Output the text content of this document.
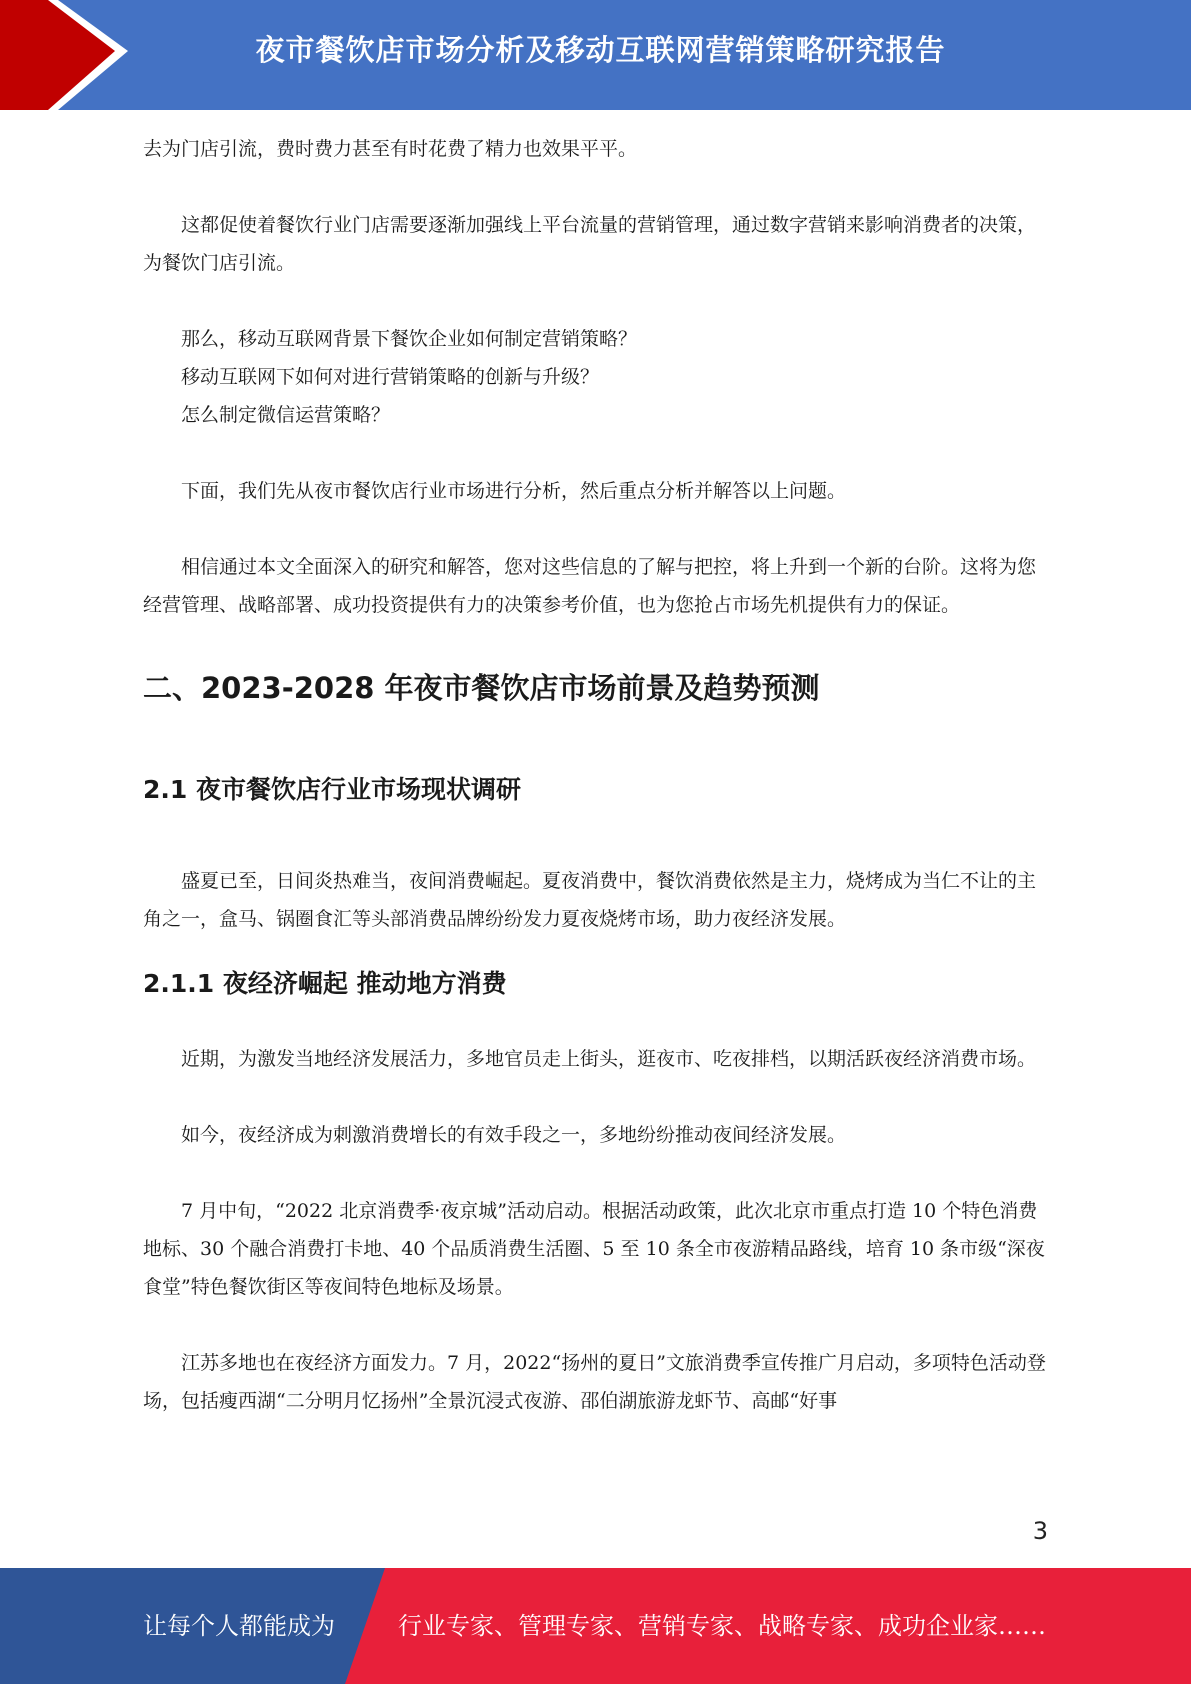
夜市餐饮店市场分析及移动互联网营销策略研究报告

去为门店引流，费时费力甚至有时花费了精力也效果平平。

这都促使着餐饮行业门店需要逐渐加强线上平台流量的营销管理，通过数字营销来影响消费者的决策，为餐饮门店引流。

那么，移动互联网背景下餐饮企业如何制定营销策略？

移动互联网下如何对进行营销策略的创新与升级？

怎么制定微信运营策略？

下面，我们先从夜市餐饮店行业市场进行分析，然后重点分析并解答以上问题。

相信通过本文全面深入的研究和解答，您对这些信息的了解与把控，将上升到一个新的台阶。这将为您经营管理、战略部署、成功投资提供有力的决策参考价值，也为您抢占市场先机提供有力的保证。

二、2023-2028 年夜市餐饮店市场前景及趋势预测
2.1 夜市餐饮店行业市场现状调研

盛夏已至，日间炎热难当，夜间消费崛起。夏夜消费中，餐饮消费依然是主力，烧烤成为当仁不让的主角之一，盒马、锅圈食汇等头部消费品牌纷纷发力夏夜烧烤市场，助力夜经济发展。

2.1.1 夜经济崛起 推动地方消费

近期，为激发当地经济发展活力，多地官员走上街头，逛夜市、吃夜排档，以期活跃夜经济消费市场。

如今，夜经济成为刺激消费增长的有效手段之一，多地纷纷推动夜间经济发展。

7 月中旬，“2022 北京消费季·夜京城”活动启动。根据活动政策，此次北京市重点打造 10 个特色消费地标、30 个融合消费打卡地、40 个品质消费生活圈、5 至 10 条全市夜游精品路线，培育 10 条市级“深夜食堂”特色餐饮街区等夜间特色地标及场景。

江苏多地也在夜经济方面发力。7 月，2022“扬州的夏日”文旅消费季宣传推广月启动，多项特色活动登场，包括瘦西湖“二分明月忆扬州”全景沉浸式夜游、邵伯湖旅游龙虾节、高邮“好事

3
让每个人都能成为	行业专家、管理专家、营销专家、战略专家、成功企业家……
